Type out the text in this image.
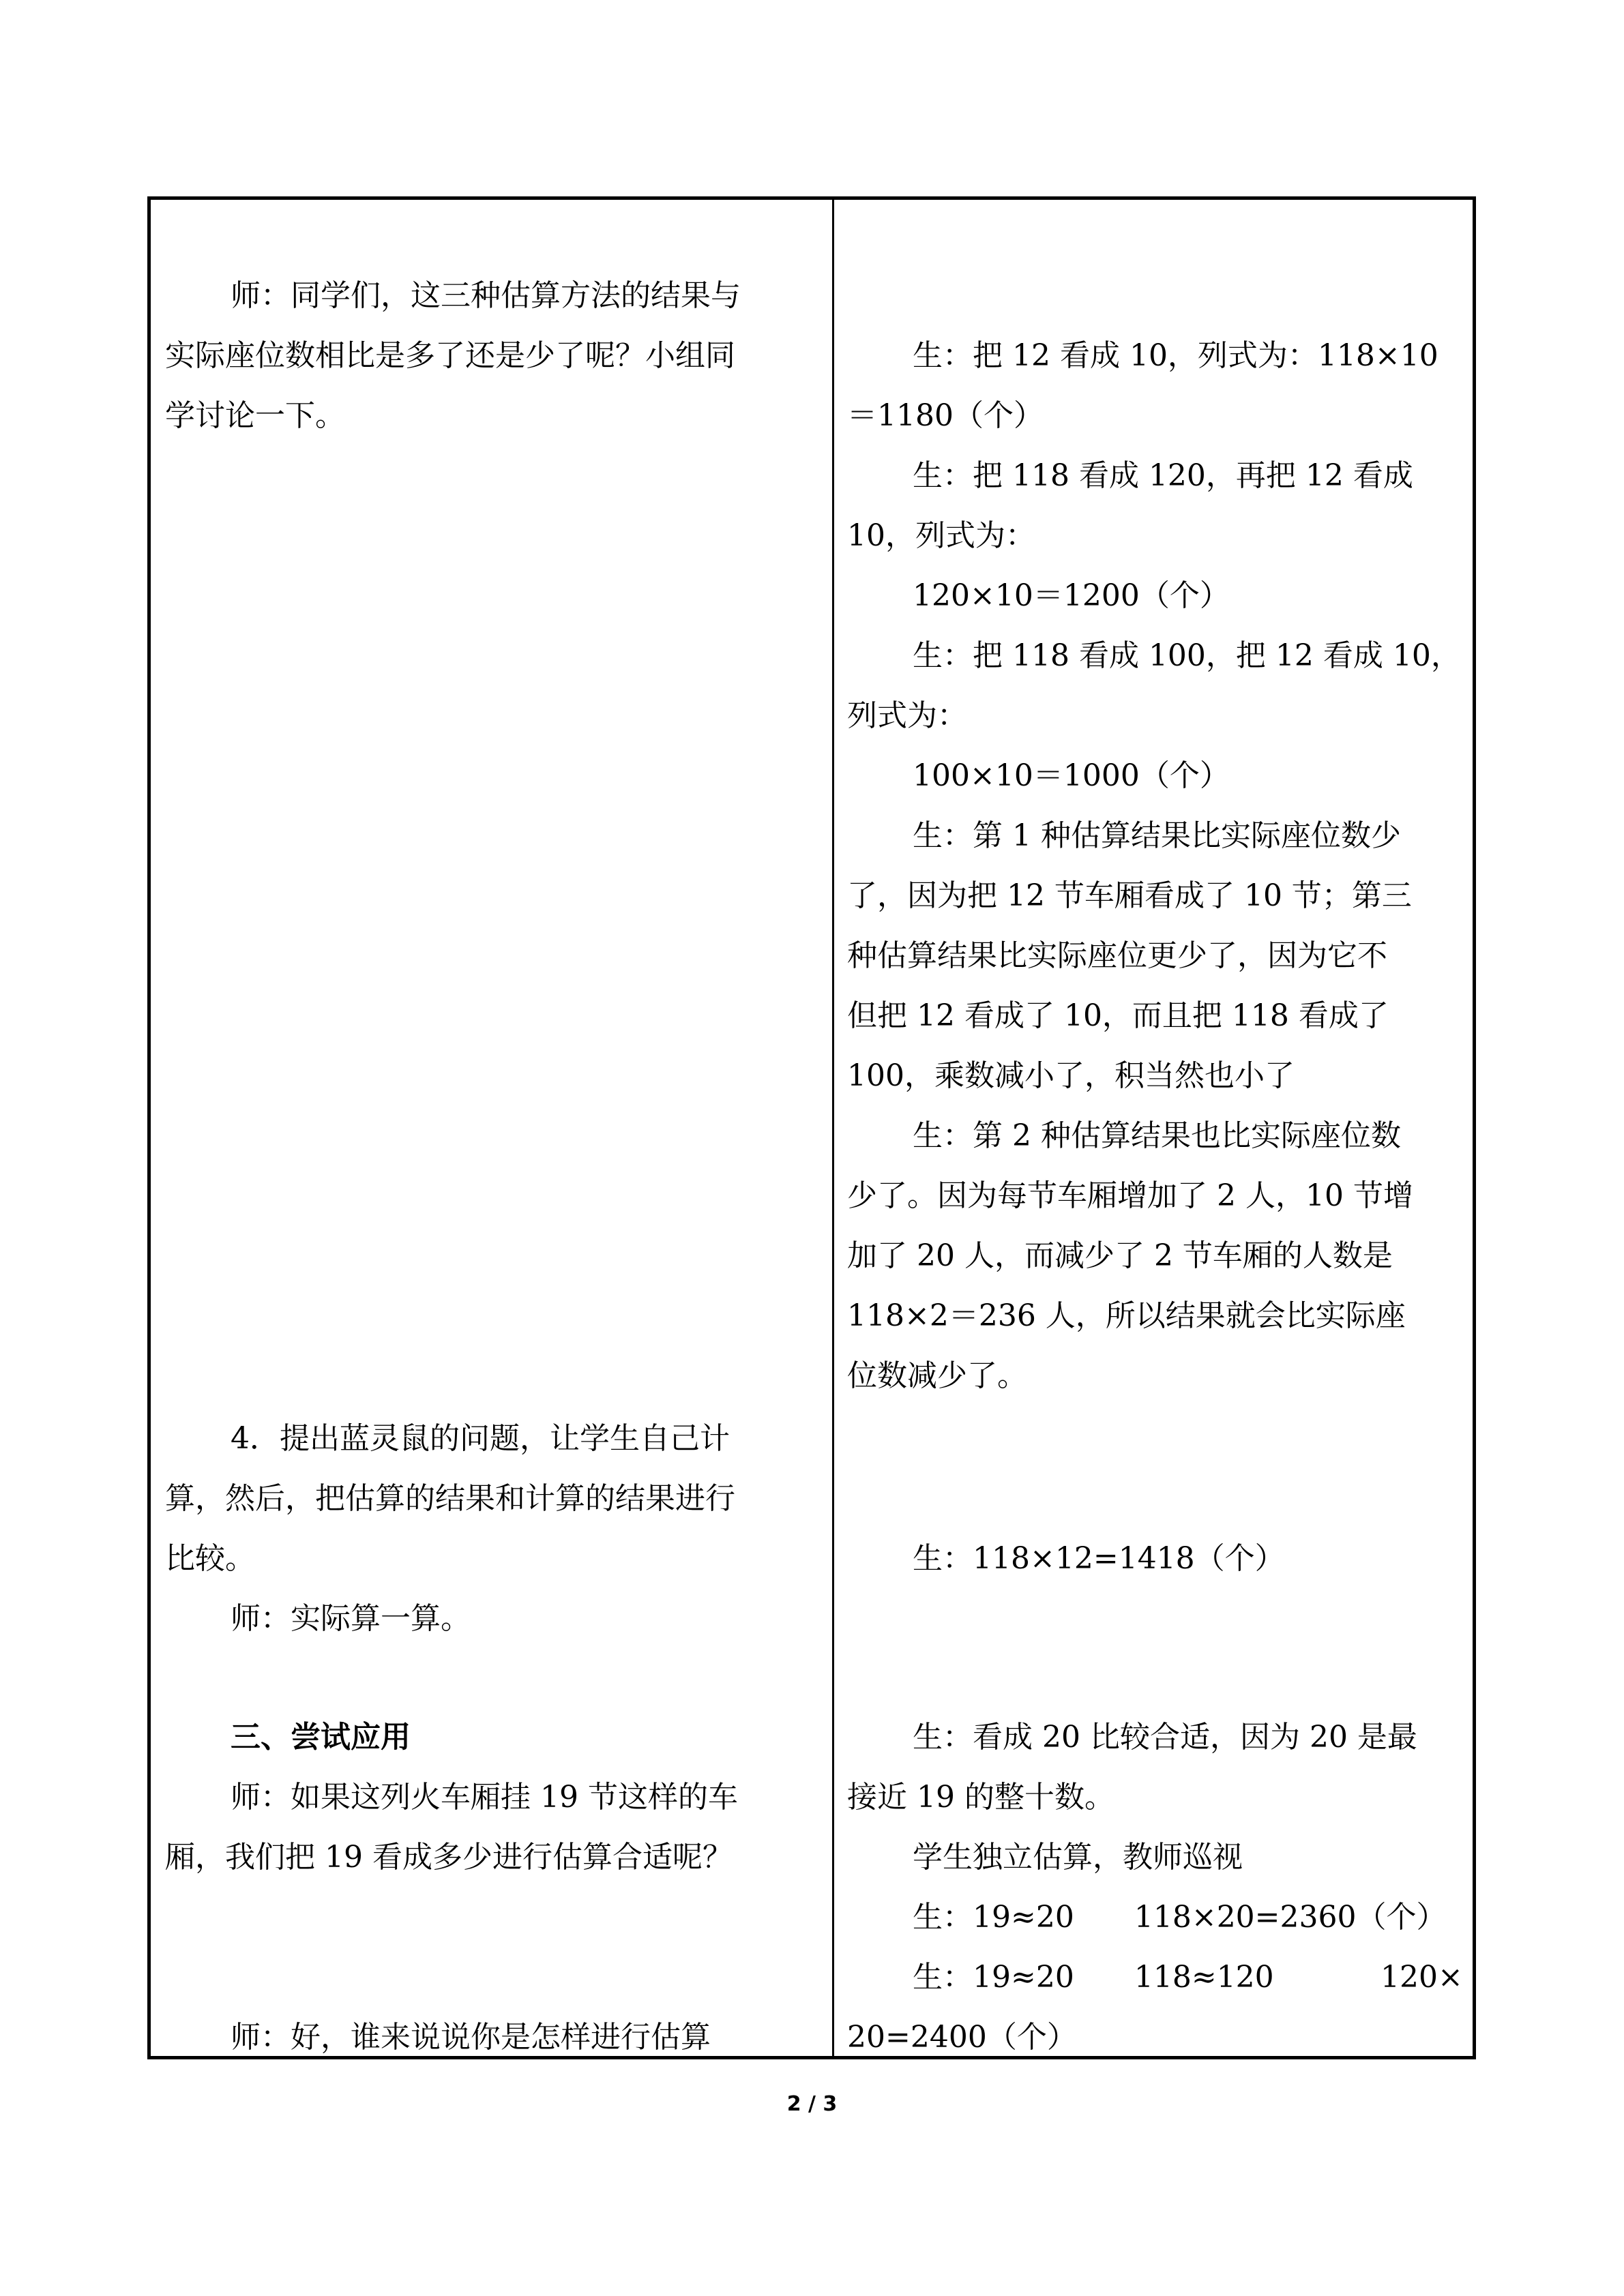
师：同学们，这三种估算方法的结果与
实际座位数相比是多了还是少了呢？小组同
学讨论一下。
4．提出蓝灵鼠的问题，让学生自己计
算，然后，把估算的结果和计算的结果进行
比较。
师：实际算一算。
三、尝试应用
师：如果这列火车厢挂 19 节这样的车
厢，我们把 19 看成多少进行估算合适呢？
师：好，谁来说说你是怎样进行估算
生：把 12 看成 10，列式为：118×10
＝1180（个）
生：把 118 看成 120，再把 12 看成
10，列式为：
120×10＝1200（个）
生：把 118 看成 100，把 12 看成 10，
列式为：
100×10＝1000（个）
生：第 1 种估算结果比实际座位数少
了，因为把 12 节车厢看成了 10 节；第三
种估算结果比实际座位更少了，因为它不
但把 12 看成了 10，而且把 118 看成了
100，乘数减小了，积当然也小了
生：第 2 种估算结果也比实际座位数
少了。因为每节车厢增加了 2 人，10 节增
加了 20 人，而减少了 2 节车厢的人数是
118×2＝236 人，所以结果就会比实际座
位数减少了。
生：118×12=1418（个）
生：看成 20 比较合适，因为 20 是最
接近 19 的整十数。
学生独立估算，教师巡视
生：19≈20　　118×20=2360（个）
生：19≈20　　118≈120	120×
20=2400（个）
2 / 3
